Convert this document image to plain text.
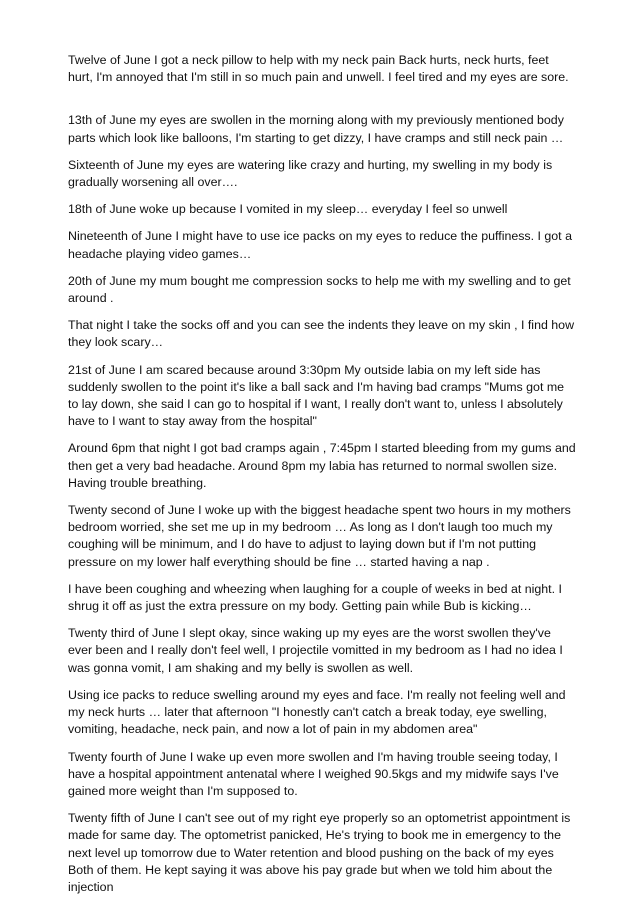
Twelve of June I got a neck pillow to help with my neck pain Back hurts, neck hurts, feet hurt, I'm annoyed that I'm still in so much pain and unwell. I feel tired and my eyes are sore.

13th of June my eyes are swollen in the morning along with my previously mentioned body parts which look like balloons, I'm starting to get dizzy, I have cramps and still neck pain …

Sixteenth of June my eyes are watering like crazy and hurting, my swelling in my body is gradually worsening all over….

18th of June woke up because I vomited in my sleep… everyday I feel so unwell

Nineteenth of June I might have to use ice packs on my eyes to reduce the puffiness. I got a headache playing video games…

20th of June my mum bought me compression socks to help me with my swelling and to get around .

That night I take the socks off and you can see the indents they leave on my skin , I find how they look scary…

21st of June I am scared because around 3:30pm My outside labia on my left side has suddenly swollen to the point it's like a ball sack and I'm having bad cramps "Mums got me to lay down, she said I can go to hospital if I want, I really don't want to, unless I absolutely have to I want to stay away from the hospital"

Around 6pm that night I got bad cramps again , 7:45pm I started bleeding from my gums and then get a very bad headache. Around 8pm my labia has returned to normal swollen size. Having trouble breathing.

Twenty second of June I woke up with the biggest headache spent two hours in my mothers bedroom worried, she set me up in my bedroom … As long as I don't laugh too much my coughing will be minimum, and I do have to adjust to laying down but if I'm not putting pressure on my lower half everything should be fine … started having a nap .

I have been coughing and wheezing when laughing for a couple of weeks in bed at night. I shrug it off as just the extra pressure on my body. Getting pain while Bub is kicking…

Twenty third of June I slept okay, since waking up my eyes are the worst swollen they've ever been and I really don't feel well, I projectile vomitted in my bedroom as I had no idea I was gonna vomit, I am shaking and my belly is swollen as well.

Using ice packs to reduce swelling around my eyes and face. I'm really not feeling well and my neck hurts … later that afternoon "I honestly can't catch a break today, eye swelling, vomiting, headache, neck pain, and now a lot of pain in my abdomen area"

Twenty fourth of June I wake up even more swollen and I'm having trouble seeing today, I have a hospital appointment antenatal where I weighed 90.5kgs and my midwife says I've gained more weight than I'm supposed to.

Twenty fifth of June I can't see out of my right eye properly so an optometrist appointment is made for same day. The optometrist panicked, He's trying to book me in emergency to the next level up tomorrow due to Water retention and blood pushing on the back of my eyes Both of them. He kept saying it was above his pay grade but when we told him about the injection
